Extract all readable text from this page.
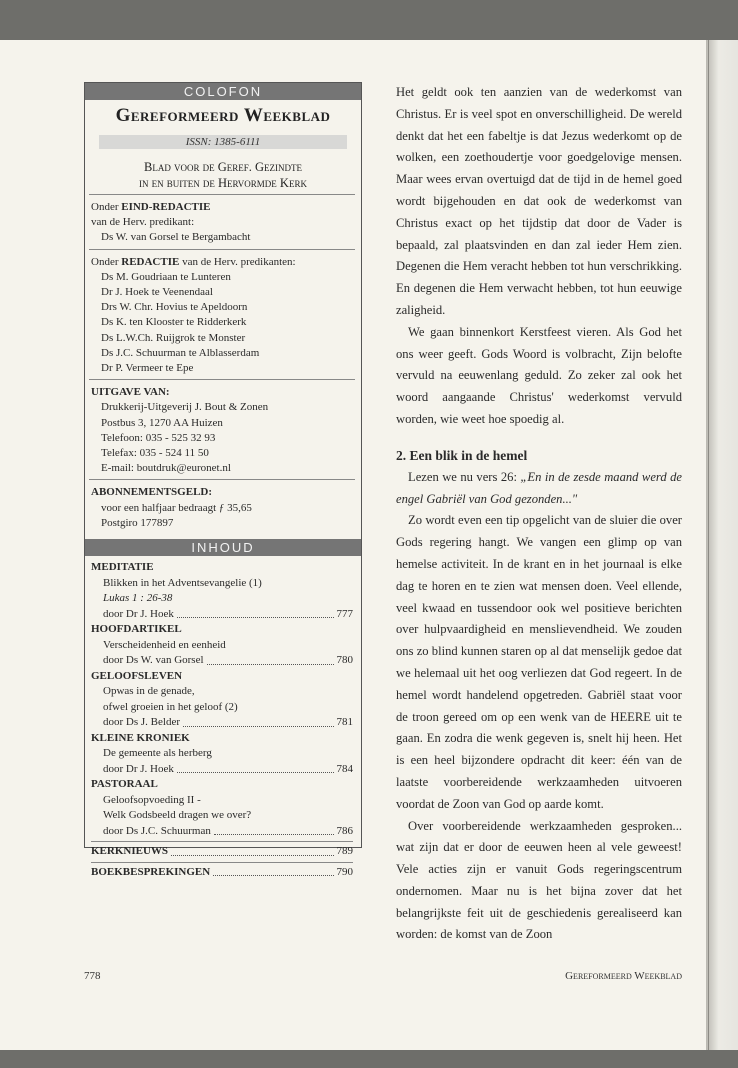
COLOFON
Gereformeerd Weekblad
ISSN: 1385-6111
Blad voor de Geref. Gezindte
in en buiten de Hervormde Kerk
Onder EIND-REDACTIE
van de Herv. predikant:
Ds W. van Gorsel te Bergambacht
Onder REDACTIE van de Herv. predikanten:
Ds M. Goudriaan te Lunteren
Dr J. Hoek te Veenendaal
Drs W. Chr. Hovius te Apeldoorn
Ds K. ten Klooster te Ridderkerk
Ds L.W.Ch. Ruijgrok te Monster
Ds J.C. Schuurman te Alblasserdam
Dr P. Vermeer te Epe
UITGAVE VAN:
Drukkerij-Uitgeverij J. Bout & Zonen
Postbus 3, 1270 AA Huizen
Telefoon: 035 - 525 32 93
Telefax: 035 - 524 11 50
E-mail: boutdruk@euronet.nl
ABONNEMENTSGELD:
voor een halfjaar bedraagt ƒ 35,65
Postgiro 177897
INHOUD
MEDITATIE
Blikken in het Adventsevangelie (1)
Lukas 1 : 26-38
door Dr J. Hoek	777
HOOFDARTIKEL
Verscheidenheid en eenheid
door Ds W. van Gorsel	780
GELOOFSLEVEN
Opwas in de genade,
ofwel groeien in het geloof (2)
door Ds J. Belder	781
KLEINE KRONIEK
De gemeente als herberg
door Dr J. Hoek	784
PASTORAAL
Geloofsopvoeding II -
Welk Godsbeeld dragen we over?
door Ds J.C. Schuurman	786
KERKNIEUWS	789
BOEKBESPREKINGEN	790

Het geldt ook ten aanzien van de wederkomst van Christus. Er is veel spot en onverschilligheid. De wereld denkt dat het een fabeltje is dat Jezus wederkomt op de wolken, een zoethoudertje voor goedgelovige mensen. Maar wees ervan overtuigd dat de tijd in de hemel goed wordt bijgehouden en dat ook de wederkomst van Christus exact op het tijdstip dat door de Vader is bepaald, zal plaatsvinden en dan zal ieder Hem zien. Degenen die Hem veracht hebben tot hun verschrikking. En degenen die Hem verwacht hebben, tot hun eeuwige zaligheid.

We gaan binnenkort Kerstfeest vieren. Als God het ons weer geeft. Gods Woord is volbracht, Zijn belofte vervuld na eeuwenlang geduld. Zo zeker zal ook het woord aangaande Christus' wederkomst vervuld worden, wie weet hoe spoedig al.

2. Een blik in de hemel

Lezen we nu vers 26: „En in de zesde maand werd de engel Gabriël van God gezonden..."

Zo wordt even een tip opgelicht van de sluier die over Gods regering hangt. We vangen een glimp op van hemelse activiteit. In de krant en in het journaal is elke dag te horen en te zien wat mensen doen. Veel ellende, veel kwaad en tussendoor ook wel positieve berichten over hulpvaardigheid en menslievendheid. We zouden ons zo blind kunnen staren op al dat menselijk gedoe dat we helemaal uit het oog verliezen dat God regeert. In de hemel wordt handelend opgetreden. Gabriël staat voor de troon gereed om op een wenk van de HEERE uit te gaan. En zodra die wenk gegeven is, snelt hij heen. Het is een heel bijzondere opdracht dit keer: één van de laatste voorbereidende werkzaamheden uitvoeren voordat de Zoon van God op aarde komt.

Over voorbereidende werkzaamheden gesproken... wat zijn dat er door de eeuwen heen al vele geweest! Vele acties zijn er vanuit Gods regeringscentrum ondernomen. Maar nu is het bijna zover dat het belangrijkste feit uit de geschiedenis gerealiseerd kan worden: de komst van de Zoon

778	Gereformeerd Weekblad
